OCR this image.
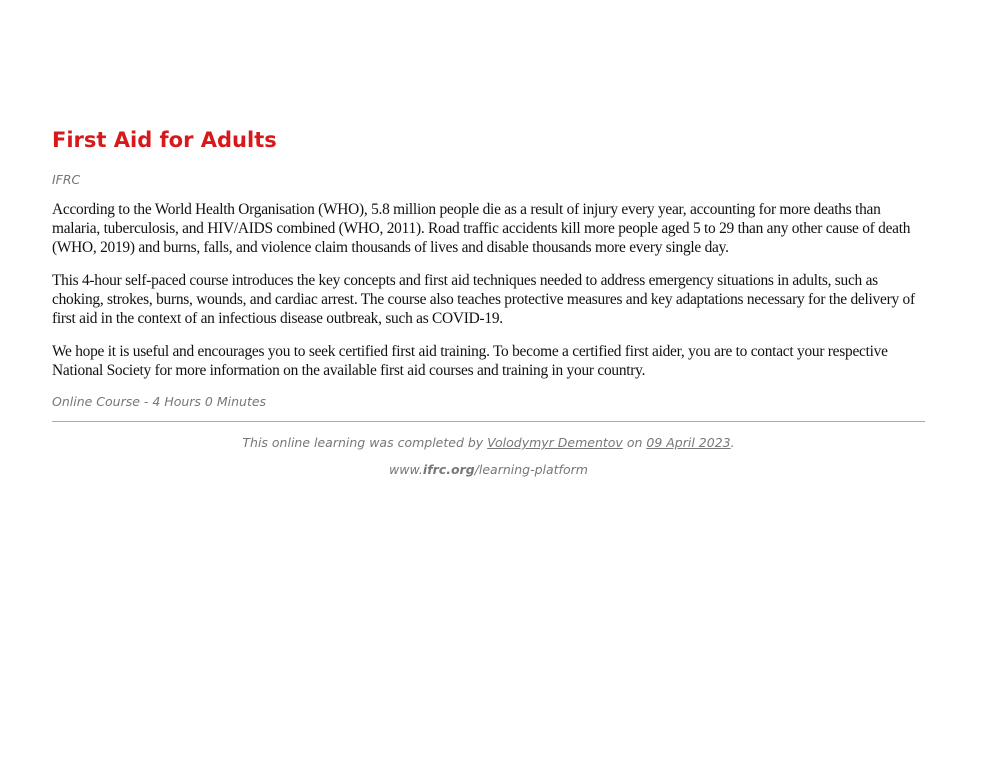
First Aid for Adults

IFRC

According to the World Health Organisation (WHO), 5.8 million people die as a result of injury every year, accounting for more deaths than malaria, tuberculosis, and HIV/AIDS combined (WHO, 2011). Road traffic accidents kill more people aged 5 to 29 than any other cause of death (WHO, 2019) and burns, falls, and violence claim thousands of lives and disable thousands more every single day.

This 4-hour self-paced course introduces the key concepts and first aid techniques needed to address emergency situations in adults, such as choking, strokes, burns, wounds, and cardiac arrest. The course also teaches protective measures and key adaptations necessary for the delivery of first aid in the context of an infectious disease outbreak, such as COVID-19.

We hope it is useful and encourages you to seek certified first aid training. To become a certified first aider, you are to contact your respective National Society for more information on the available first aid courses and training in your country.

Online Course - 4 Hours 0 Minutes

This online learning was completed by Volodymyr Dementov on 09 April 2023.
www.ifrc.org/learning-platform
